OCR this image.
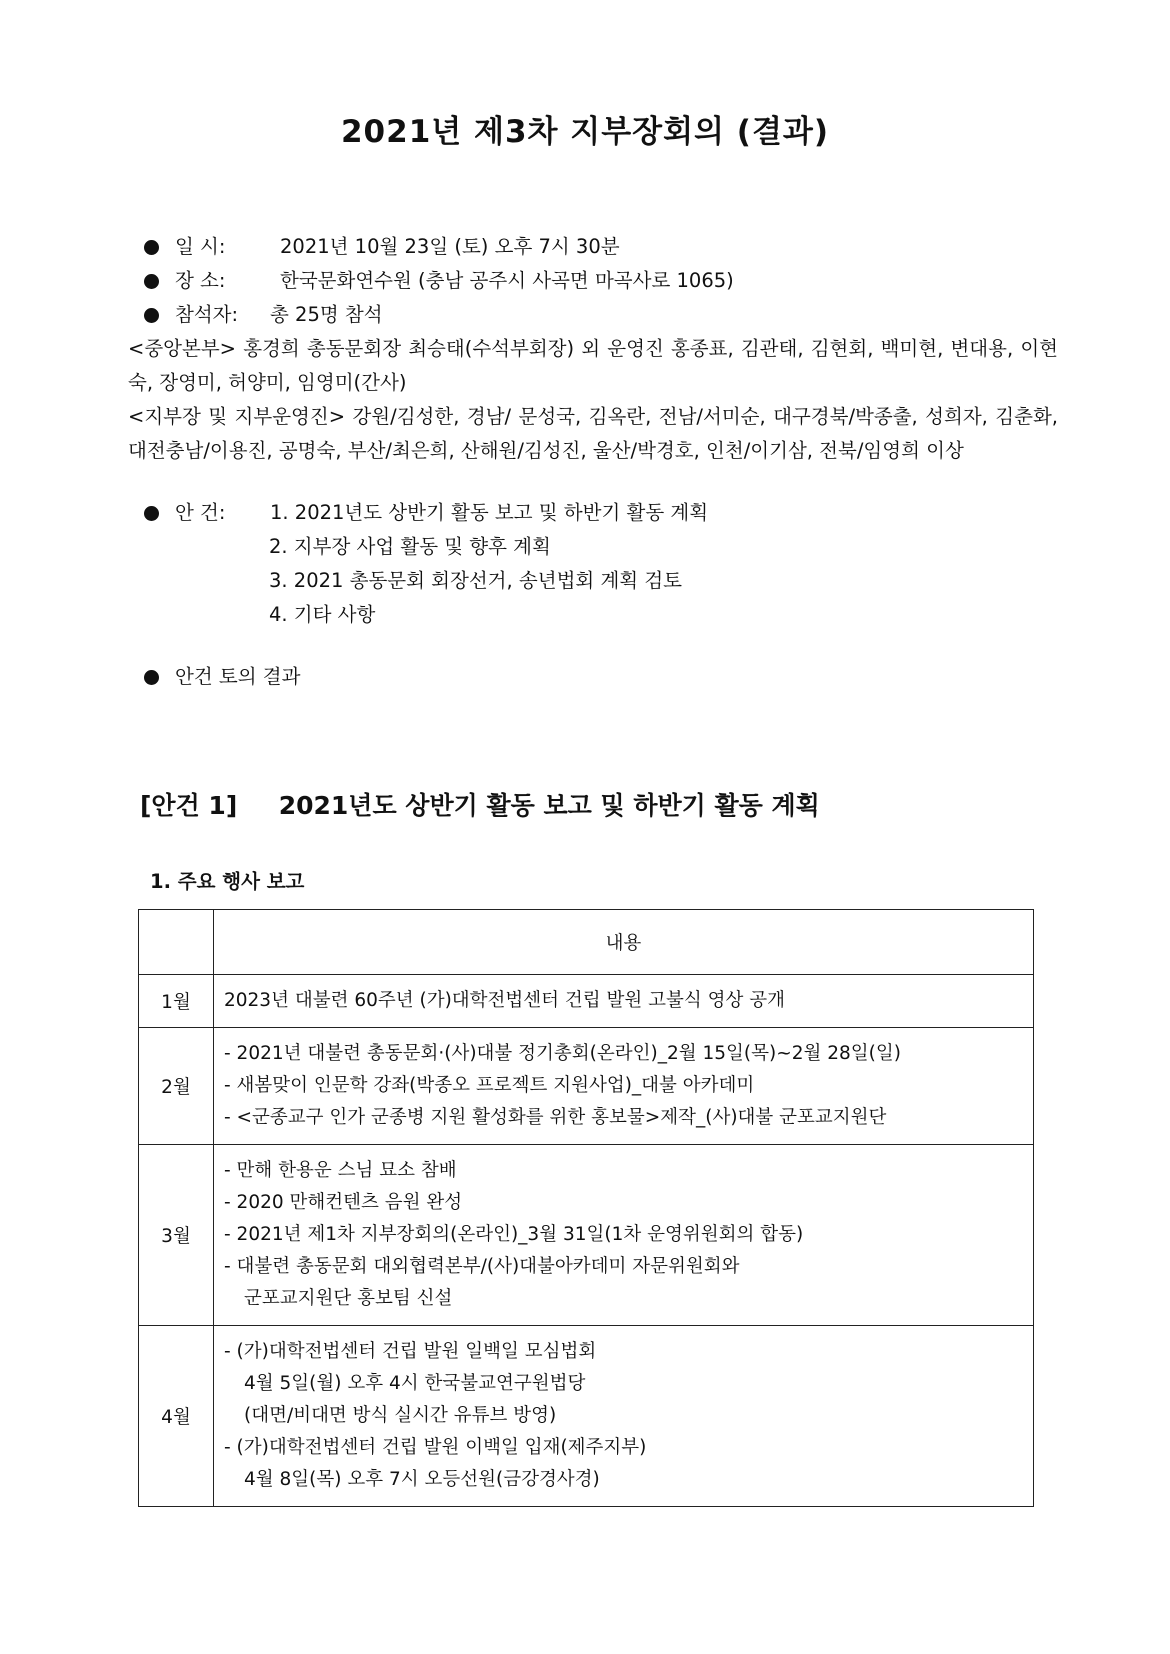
2021년 제3차 지부장회의 (결과)
일 시:	2021년 10월 23일 (토) 오후 7시 30분
장 소:	한국문화연수원 (충남 공주시 사곡면 마곡사로 1065)
참석자:	총 25명 참석
<중앙본부> 홍경희 총동문회장 최승태(수석부회장) 외 운영진 홍종표, 김관태, 김현회, 백미현, 변대용, 이현숙, 장영미, 허양미, 임영미(간사)
<지부장 및 지부운영진> 강원/김성한, 경남/ 문성국, 김옥란, 전남/서미순, 대구경북/박종출, 성희자, 김춘화, 대전충남/이용진, 공명숙, 부산/최은희, 산해원/김성진, 울산/박경호, 인천/이기삼, 전북/임영희 이상
안 건:	1. 2021년도 상반기 활동 보고 및 하반기 활동 계획
2. 지부장 사업 활동 및 향후 계획
3. 2021 총동문회 회장선거, 송년법회 계획 검토
4. 기타 사항
안건 토의 결과
[안건 1] 2021년도 상반기 활동 보고 및 하반기 활동 계획
1. 주요 행사 보고
	내용
1월	2023년 대불련 60주년 (가)대학전법센터 건립 발원 고불식 영상 공개

2월	- 2021년 대불련 총동문회·(사)대불 정기총회(온라인)_2월 15일(목)~2월 28일(일)
- 새봄맞이 인문학 강좌(박종오 프로젝트 지원사업)_대불 아카데미
- <군종교구 인가 군종병 지원 활성화를 위한 홍보물>제작_(사)대불 군포교지원단

3월	- 만해 한용운 스님 묘소 참배
- 2020 만해컨텐츠 음원 완성
- 2021년 제1차 지부장회의(온라인)_3월 31일(1차 운영위원회의 합동)
- 대불련 총동문회 대외협력본부/(사)대불아카데미 자문위원회와
군포교지원단 홍보팀 신설

4월	- (가)대학전법센터 건립 발원 일백일 모심법회
4월 5일(월) 오후 4시 한국불교연구원법당
(대면/비대면 방식 실시간 유튜브 방영)
- (가)대학전법센터 건립 발원 이백일 입재(제주지부)
4월 8일(목) 오후 7시 오등선원(금강경사경)
